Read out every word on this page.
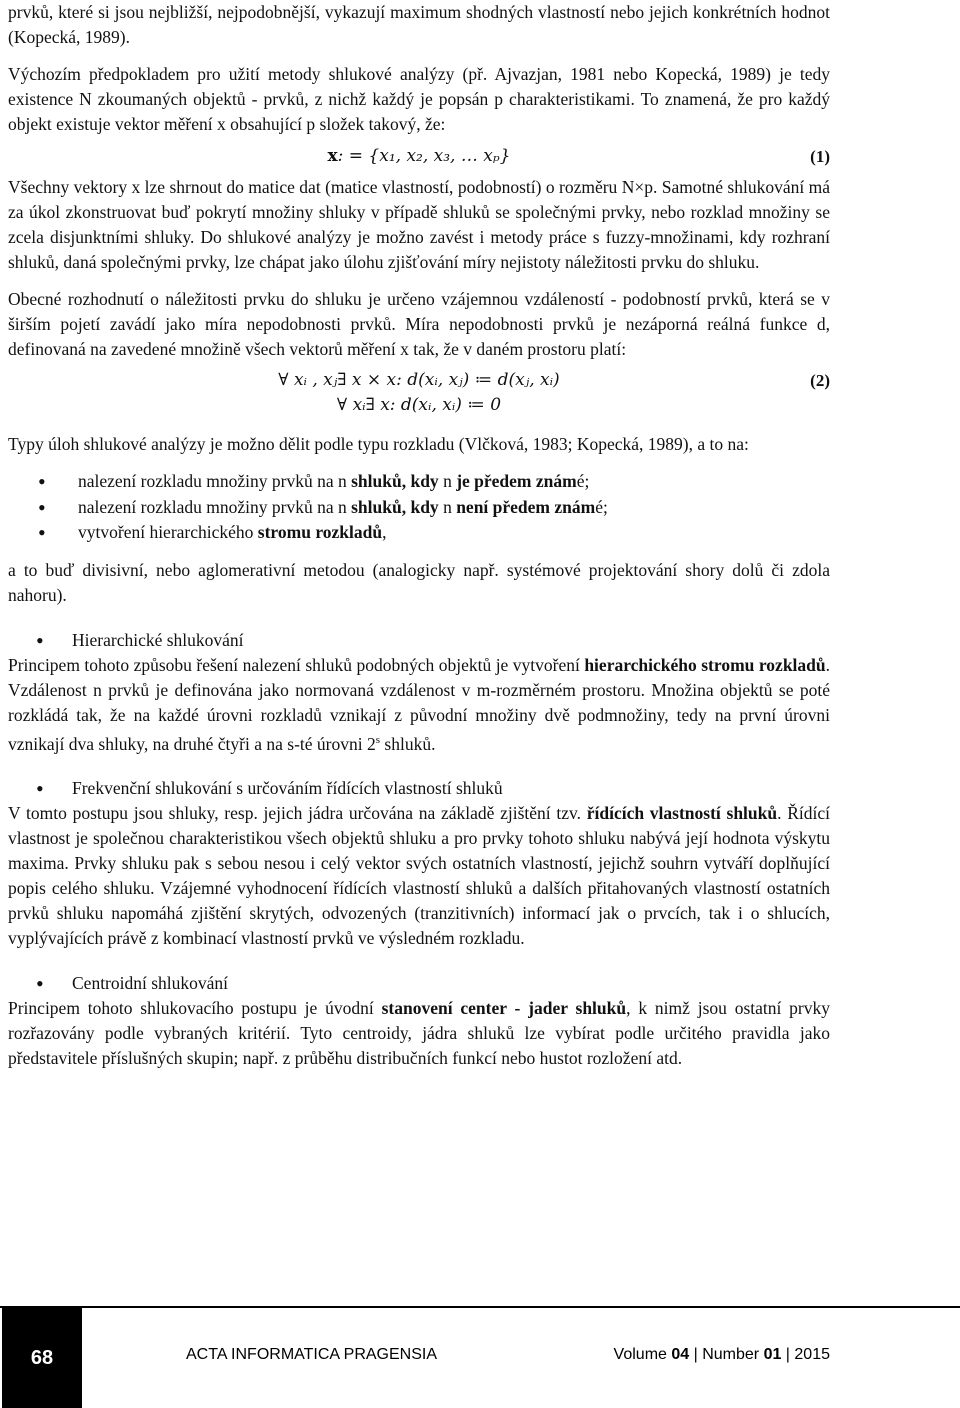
prvků, které si jsou nejbližší, nejpodobnější, vykazují maximum shodných vlastností nebo jejich konkrétních hodnot (Kopecká, 1989).

Výchozím předpokladem pro užití metody shlukové analýzy (př. Ajvazjan, 1981 nebo Kopecká, 1989) je tedy existence N zkoumaných objektů - prvků, z nichž každý je popsán p charakteristikami. To znamená, že pro každý objekt existuje vektor měření x obsahující p složek takový, že:

x: = {x₁, x₂, x₃, … xₚ}	(1)

Všechny vektory x lze shrnout do matice dat (matice vlastností, podobností) o rozměru N×p. Samotné shlukování má za úkol zkonstruovat buď pokrytí množiny shluky v případě shluků se společnými prvky, nebo rozklad množiny se zcela disjunktními shluky. Do shlukové analýzy je možno zavést i metody práce s fuzzy-množinami, kdy rozhraní shluků, daná společnými prvky, lze chápat jako úlohu zjišťování míry nejistoty náležitosti prvku do shluku.

Obecné rozhodnutí o náležitosti prvku do shluku je určeno vzájemnou vzdáleností - podobností prvků, která se v širším pojetí zavádí jako míra nepodobnosti prvků. Míra nepodobnosti prvků je nezáporná reálná funkce d, definovaná na zavedené množině všech vektorů měření x tak, že v daném prostoru platí:

∀ xᵢ , xⱼ∃ x × x: d(xᵢ, xⱼ) ≔ d(xⱼ, xᵢ)
∀ xᵢ∃ x: d(xᵢ, xᵢ) ≔ 0
(2)

Typy úloh shlukové analýzy je možno dělit podle typu rozkladu (Vlčková, 1983; Kopecká, 1989), a to na:

• nalezení rozkladu množiny prvků na n shluků, kdy n je předem známé;
• nalezení rozkladu množiny prvků na n shluků, kdy n není předem známé;
• vytvoření hierarchického stromu rozkladů,

a to buď divisivní, nebo aglomerativní metodou (analogicky např. systémové projektování shory dolů či zdola nahoru).

• Hierarchické shlukování

Principem tohoto způsobu řešení nalezení shluků podobných objektů je vytvoření hierarchického stromu rozkladů. Vzdálenost n prvků je definována jako normovaná vzdálenost v m-rozměrném prostoru. Množina objektů se poté rozkládá tak, že na každé úrovni rozkladů vznikají z původní množiny dvě podmnožiny, tedy na první úrovni vznikají dva shluky, na druhé čtyři a na s-té úrovni 2$^s$ shluků.

• Frekvenční shlukování s určováním řídících vlastností shluků

V tomto postupu jsou shluky, resp. jejich jádra určována na základě zjištění tzv. řídících vlastností shluků. Řídící vlastnost je společnou charakteristikou všech objektů shluku a pro prvky tohoto shluku nabývá její hodnota výskytu maxima. Prvky shluku pak s sebou nesou i celý vektor svých ostatních vlastností, jejichž souhrn vytváří doplňující popis celého shluku. Vzájemné vyhodnocení řídících vlastností shluků a dalších přitahovaných vlastností ostatních prvků shluku napomáhá zjištění skrytých, odvozených (tranzitivních) informací jak o prvcích, tak i o shlucích, vyplývajících právě z kombinací vlastností prvků ve výsledném rozkladu.

• Centroidní shlukování

Principem tohoto shlukovacího postupu je úvodní stanovení center - jader shluků, k nimž jsou ostatní prvky rozřazovány podle vybraných kritérií. Tyto centroidy, jádra shluků lze vybírat podle určitého pravidla jako představitele příslušných skupin; např. z průběhu distribučních funkcí nebo hustot rozložení atd.

68	ACTA INFORMATICA PRAGENSIA	Volume 04 | Number 01 | 2015
